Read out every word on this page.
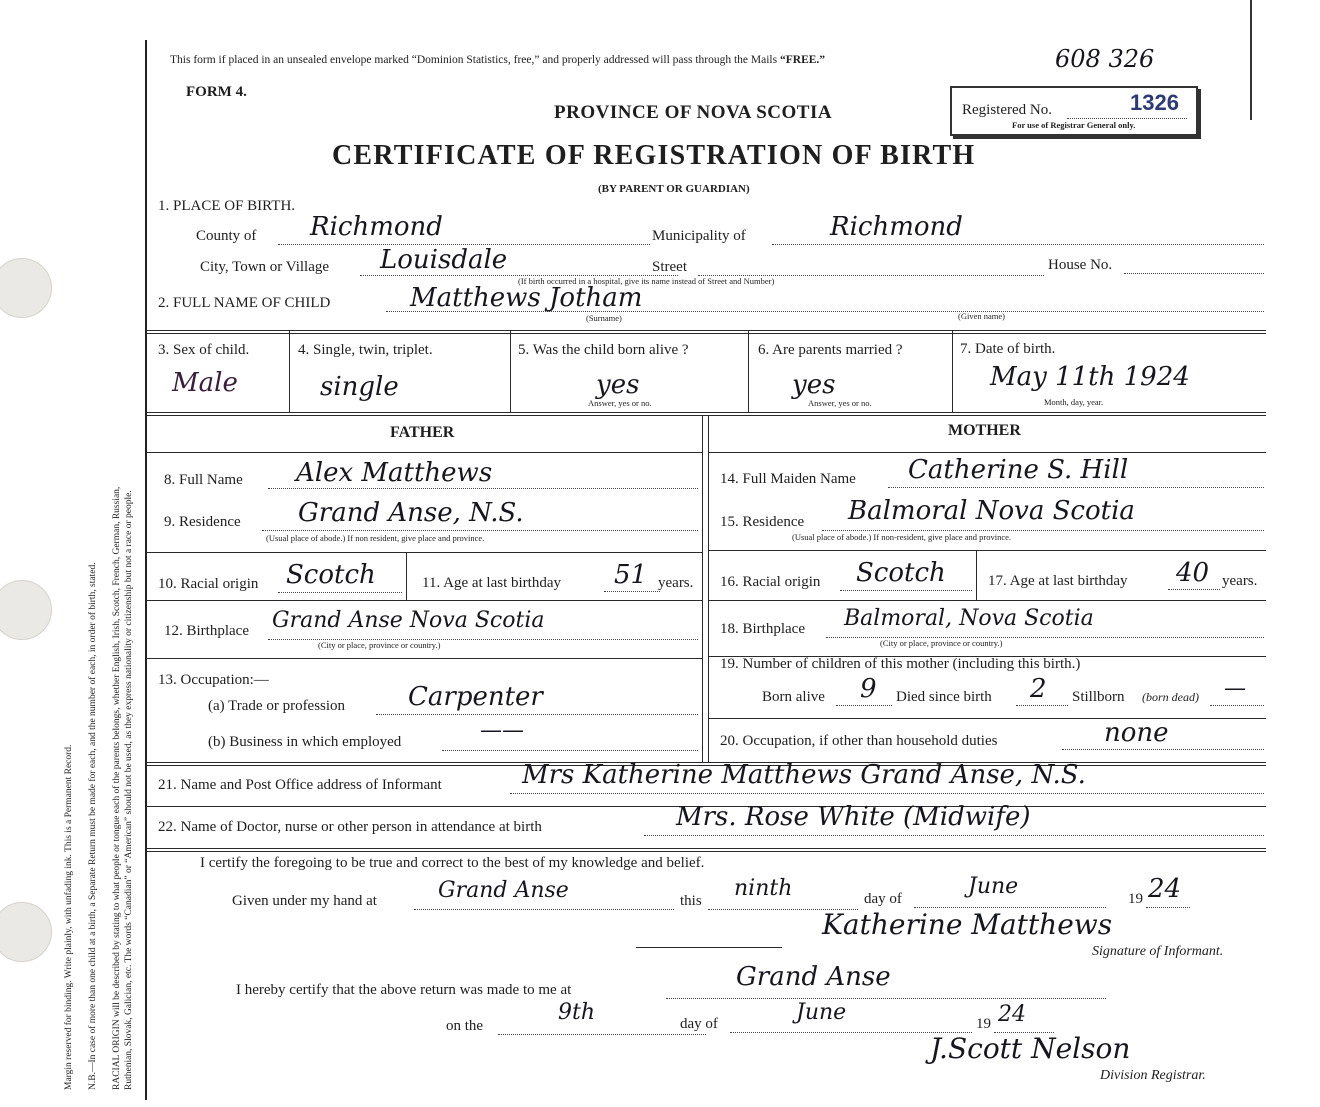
Margin reserved for binding. Write plainly, with unfading ink. This is a Permanent Record. N.B.—In case of more than one child at a birth, a Separate Return must be made for each, and the number of each, in order of birth, stated. RACIAL ORIGIN will be described by stating to what people or tongue each of the parents belongs, whether English, Irish, Scotch, French, German, Russian, Ruthenian, Slovak, Galician, etc. The words “Canadian” or “American” should not be used, as they express nationality or citizenship but not a race or people.
This form if placed in an unsealed envelope marked “Dominion Statistics, free,” and properly addressed will pass through the Mails “FREE.”	608 326
FORM 4.
PROVINCE OF NOVA SCOTIA
CERTIFICATE OF REGISTRATION OF BIRTH
(BY PARENT OR GUARDIAN)
Registered No.	1326
For use of Registrar General only.
1. PLACE OF BIRTH.
County of Richmond	Municipality of	Richmond
City, Town or Village Louisdale	Street	House No.
(If birth occurred in a hospital, give its name instead of Street and Number)
2. FULL NAME OF CHILD	Matthews Jotham
(Surname)	(Given name)
3. Sex of child.
Male
4. Single, twin, triplet.
single
5. Was the child born alive ?
yes
Answer, yes or no.
6. Are parents married ?
yes
Answer, yes or no.
7. Date of birth.
May 11th 1924
Month, day, year.
FATHER	MOTHER
8. Full Name Alex Matthews
9. Residence Grand Anse, N.S.
(Usual place of abode.) If non resident, give place and province.
10. Racial origin Scotch	11. Age at last birthday 51 years.
12. Birthplace Grand Anse Nova Scotia
(City or place, province or country.)
13. Occupation:—
(a) Trade or profession Carpenter
(b) Business in which employed	——
14. Full Maiden Name Catherine S. Hill
15. Residence Balmoral Nova Scotia
(Usual place of abode.) If non-resident, give place and province.
16. Racial origin Scotch	17. Age at last birthday 40 years.
18. Birthplace Balmoral, Nova Scotia
(City or place, province or country.)
19. Number of children of this mother (including this birth.)
Born alive 9 Died since birth 2 Stillborn (born dead) —
20. Occupation, if other than household duties	none
21. Name and Post Office address of Informant	Mrs Katherine Matthews Grand Anse, N.S.
22. Name of Doctor, nurse or other person in attendance at birth	Mrs. Rose White (Midwife)
I certify the foregoing to be true and correct to the best of my knowledge and belief.
Given under my hand at	Grand Anse	this ninth	day of	June	19 24
Katherine Matthews
Signature of Informant.
I hereby certify that the above return was made to me at	Grand Anse
on the
9th	day of	June	19 24
J.Scott Nelson
Division Registrar.
